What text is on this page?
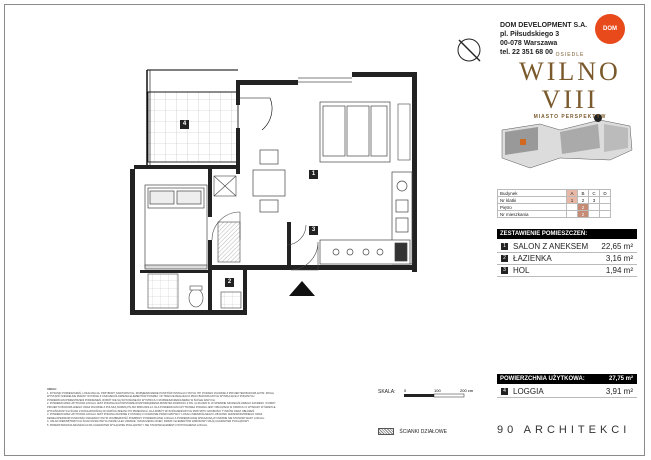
4
1
3
2
DOM DEVELOPMENT S.A.
pl. Piłsudskiego 3
00-078 Warszawa
tel. 22 351 68 00
DOM
OSIEDLE
WILNO VIII
MIASTO PERSPEKTYW
Budynek	A	B	C	D
Nr klatki	1	2	3	
Piętro		2		
Nr mieszkania		2		
ZESTAWIENIE POMIESZCZEŃ:
1 SALON Z ANEKSEM 22,65 m²
2 ŁAZIENKA	3,16 m²
3 HOL	1,94 m²
POWIERZCHNIA UŻYTKOWA:	27,75 m²
4 LOGGIA	3,91 m²
UWAGI:
1. RYSUNKI POMIESZCZEŃ, LOKALIZACJA, PRZYBORY SANITARNYCH, ROZMIESZCZENIE PUNKTÓW INSTALACYJNYCH ITP. PODANO ZGODNIE Z PROJEKTEM BUDOWLANYM. MOGĄ
WYSTĄPIĆ NIEWIELKIE ZMIANY WYNIKŁE Z USZCZEGÓŁOWIENIA ELEMENTÓW PONIŻEJ I W TRAKCIE REALIZACJI PRAC BUDOWLANYCH WYNIKAJĄCE Z PODANYCH
POWIERZCHNI PRZESTRZENI PODNIESIEŃ, ROBÓT NIE SĄ WYKONANE DO WYSTROJU I ROZMIESZCZENIA MEBLI W ŚCIŚLE DANYCH.
2. POWIERZCHNIA UŻYTKOWA LOKALU JEST PODANA NA PODSTAWIE ROZPORZĄDZENIA MINISTRA ROZWOJU Z DN. 11.09.2020 R. W SPRAWIE SZCZEGÓŁOWEGO ZAKRESU I FORMY
PROJEKTU BUDOWLANEGO ORAZ ZGODNIE Z POLSKĄ NORMĄ PN-ISO 9836:2022-12. DLA POWIERZCHNI UŻYTKOWEJ PODANA JEST OBLICZANA W OPARCIU O WYMIARY W ŚWIETLE
WYKOŃCZONYCH ŚCIAN Z DOKŁADNOŚCIĄ DO DWÓCH MIEJSC PO PRZECINKU, DLA ROBÓT WYKOŃCZENIOWYCH PRZYJĘTO GRUBOŚCI TYNKÓW ORAZ OBŁOŻEŃ.
3. POWIERZCHNIA UŻYTKOWA LOKALU JEST PODANA ZGODNIE Z USTAWĄ O OCHRONIE PRAW NABYWCY LOKALU MIESZKALNEGO LUB DOMU JEDNORODZINNEGO ORAZ
DEWELOPERSKIM FUNDUSZU GWARANCYJNYM. ROZBIEŻNOŚĆ POMIĘDZY POWIERZCHNIĄ LOKALU A POWIERZCHNIĄ WSKAZANĄ W UMOWIE NIE STANOWI WADY LOKALU.
4. UKŁAD WEWNĘTRZNYCH ŚCIAN DZIAŁOWYCH MOŻE ULEC ZMIANIE. OZNACZENIA OKIEN, DRZWI I ELEMENTÓW ZABUDOWY MAJĄ CHARAKTER POGLĄDOWY.
5. PRZEDSTAWIONA ARANŻACJA MA CHARAKTER WYŁĄCZNIE POGLĄDOWY I NIE STANOWI ELEMENTU WYPOSAŻENIA LOKALU.
SKALA: 0	100	200 cm
ŚCIANKI DZIAŁOWE	90 ARCHITEKCI
